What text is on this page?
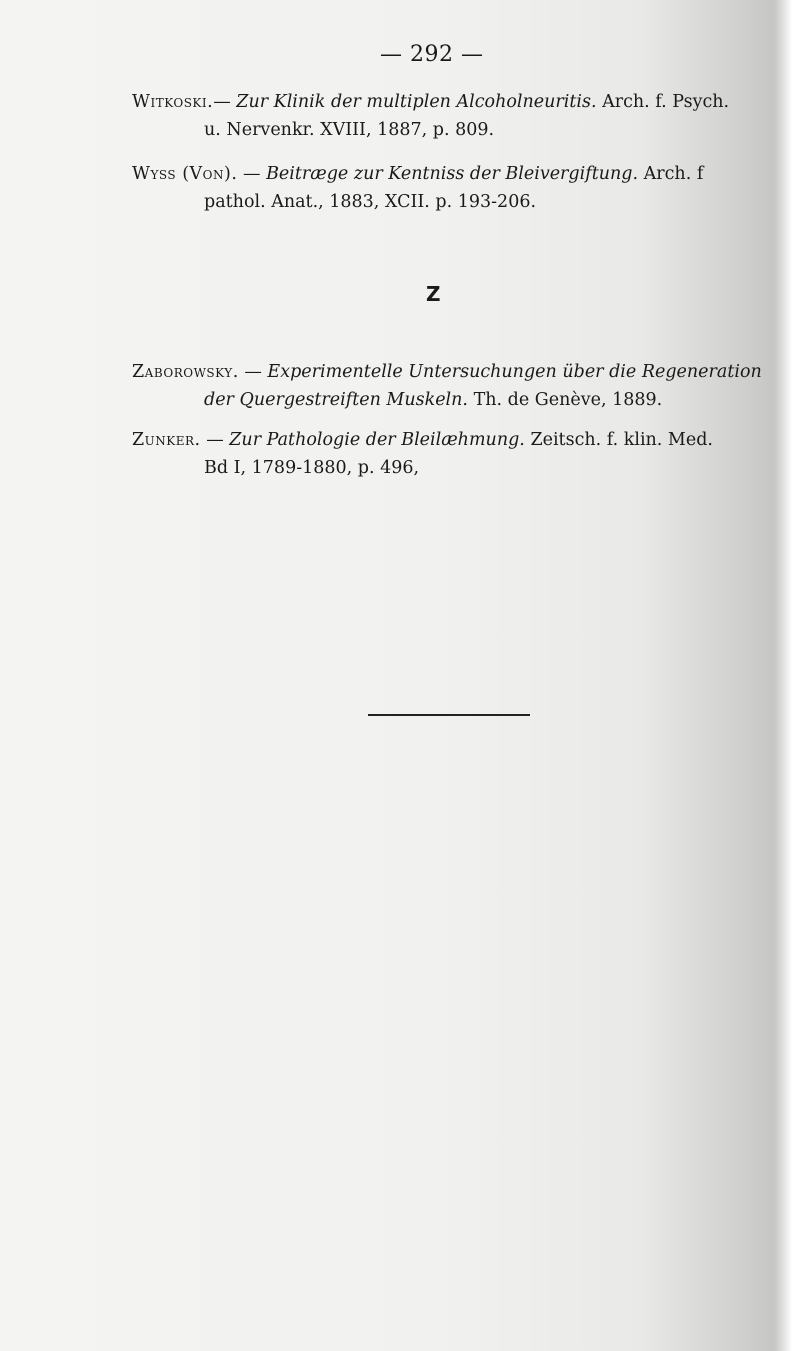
— 292 —
Witkoski.— Zur Klinik der multiplen Alcoholneuritis. Arch. f. Psych.
u. Nervenkr. XVIII, 1887, p. 809.
Wyss (Von). — Beitræge zur Kentniss der Bleivergiftung. Arch. f
pathol. Anat., 1883, XCII. p. 193-206.
Z
Zaborowsky. — Experimentelle Untersuchungen über die Regeneration
der Quergestreiften Muskeln. Th. de Genève, 1889.
Zunker. — Zur Pathologie der Bleilæhmung. Zeitsch. f. klin. Med.
Bd I, 1789-1880, p. 496,
